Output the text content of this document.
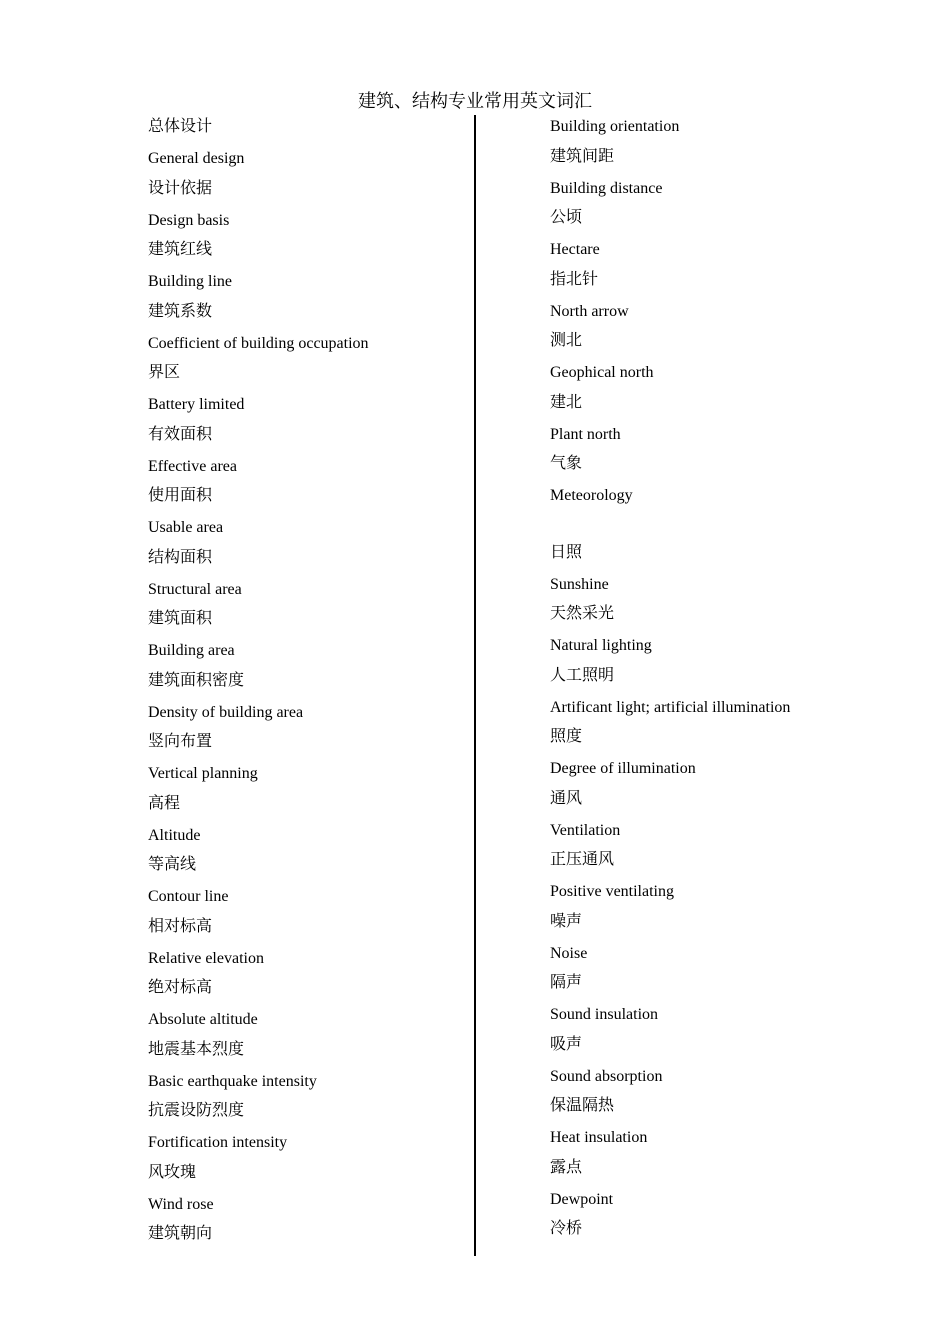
建筑、结构专业常用英文词汇
总体设计
General design
设计依据
Design basis
建筑红线
Building line
建筑系数
Coefficient of building occupation
界区
Battery limited
有效面积
Effective area
使用面积
Usable area
结构面积
Structural area
建筑面积
Building area
建筑面积密度
Density of building area
竖向布置
Vertical planning
高程
Altitude
等高线
Contour line
相对标高
Relative elevation
绝对标高
Absolute altitude
地震基本烈度
Basic earthquake intensity
抗震设防烈度
Fortification intensity
风玫瑰
Wind rose
建筑朝向
Building orientation
建筑间距
Building distance
公顷
Hectare
指北针
North arrow
测北
Geophical north
建北
Plant north
气象
Meteorology
日照
Sunshine
天然采光
Natural lighting
人工照明
Artificant light; artificial illumination
照度
Degree of illumination
通风
Ventilation
正压通风
Positive ventilating
噪声
Noise
隔声
Sound insulation
吸声
Sound absorption
保温隔热
Heat insulation
露点
Dewpoint
冷桥
